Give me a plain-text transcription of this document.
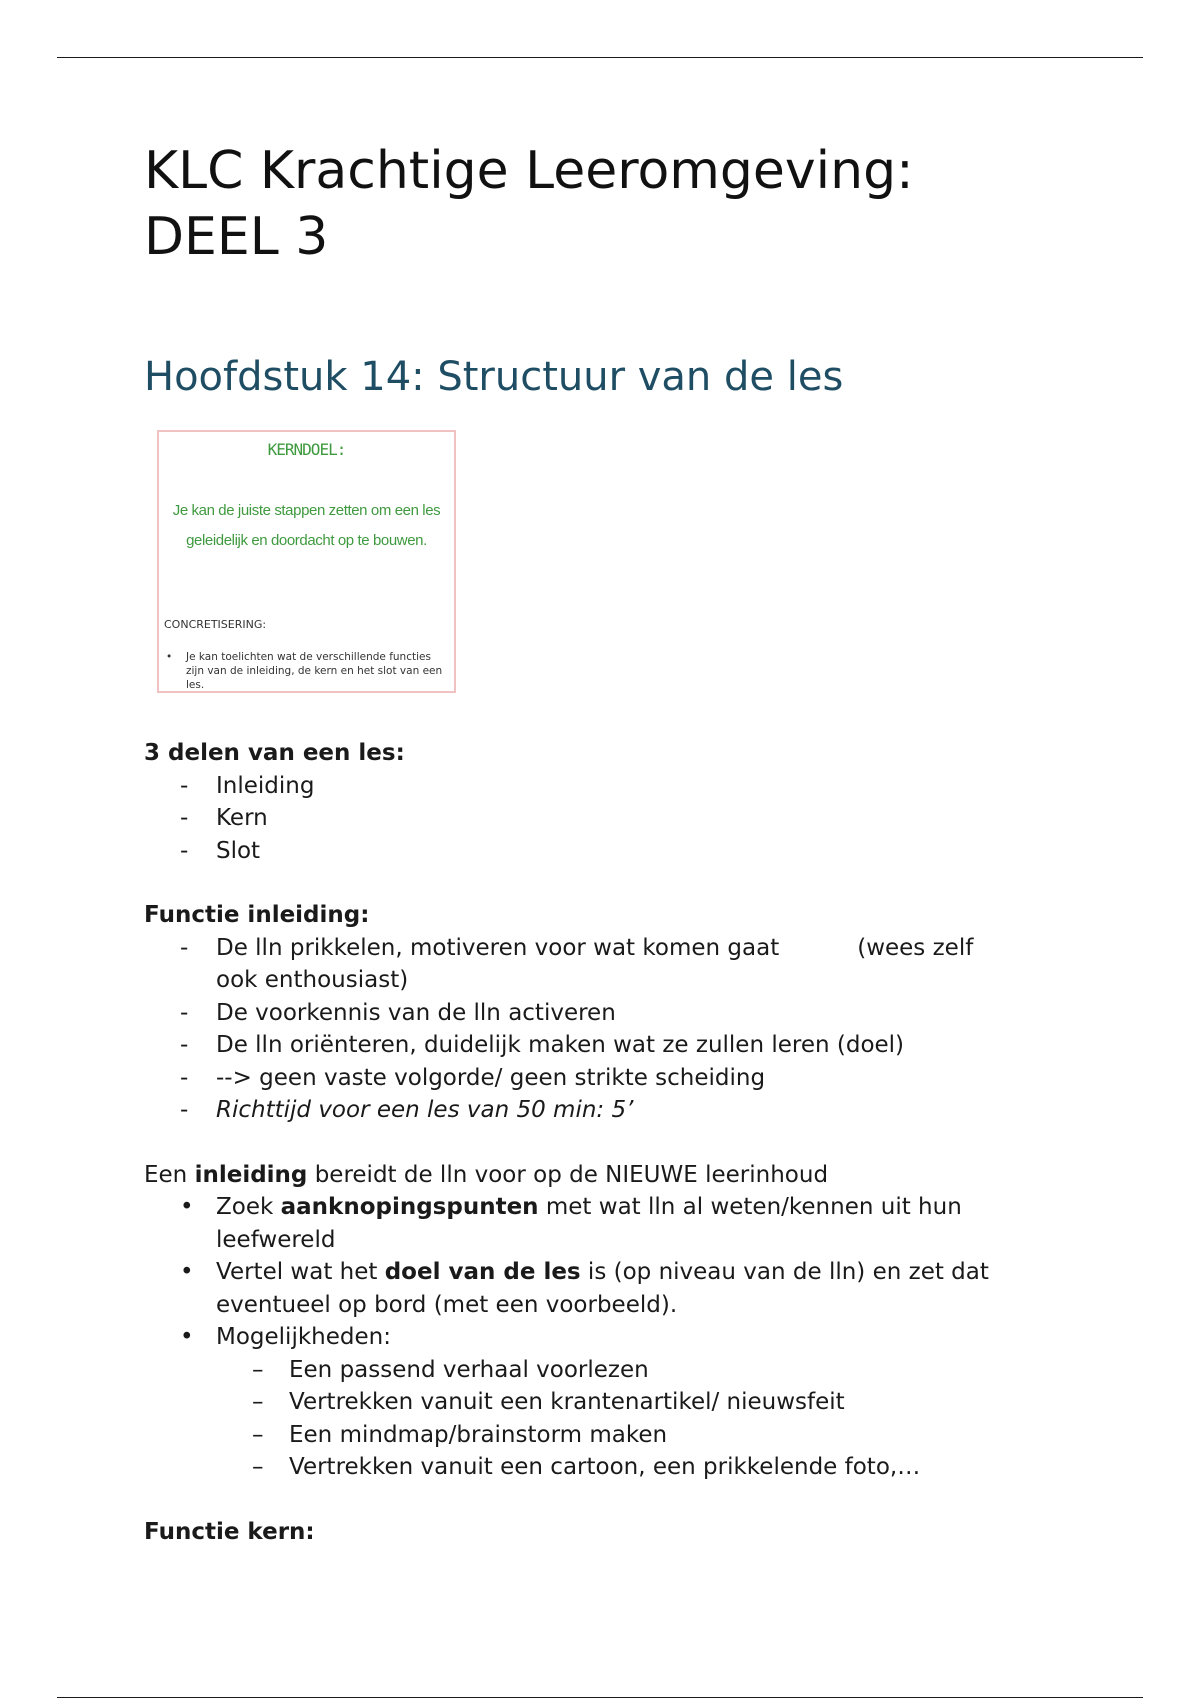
KLC Krachtige Leeromgeving:
DEEL 3
Hoofdstuk 14: Structuur van de les
KERNDOEL:
Je kan de juiste stappen zetten om een les geleidelijk en doordacht op te bouwen.
CONCRETISERING:
•	Je kan toelichten wat de verschillende functies zijn van de inleiding, de kern en het slot van een les.

3 delen van een les:

- Inleiding
- Kern
- Slot

Functie inleiding:

- De lln prikkelen, motiveren voor wat komen gaat	(wees zelf
ook enthousiast)
- De voorkennis van de lln activeren
- De lln oriënteren, duidelijk maken wat ze zullen leren (doel)
- --> geen vaste volgorde/ geen strikte scheiding
- Richttijd voor een les van 50 min: 5’

Een inleiding bereidt de lln voor op de NIEUWE leerinhoud

• Zoek aanknopingspunten met wat lln al weten/kennen uit hun leefwereld
• Vertel wat het doel van de les is (op niveau van de lln) en zet dat eventueel op bord (met een voorbeeld).
• Mogelijkheden:
– Een passend verhaal voorlezen
– Vertrekken vanuit een krantenartikel/ nieuwsfeit
– Een mindmap/brainstorm maken
– Vertrekken vanuit een cartoon, een prikkelende foto,…

Functie kern:
